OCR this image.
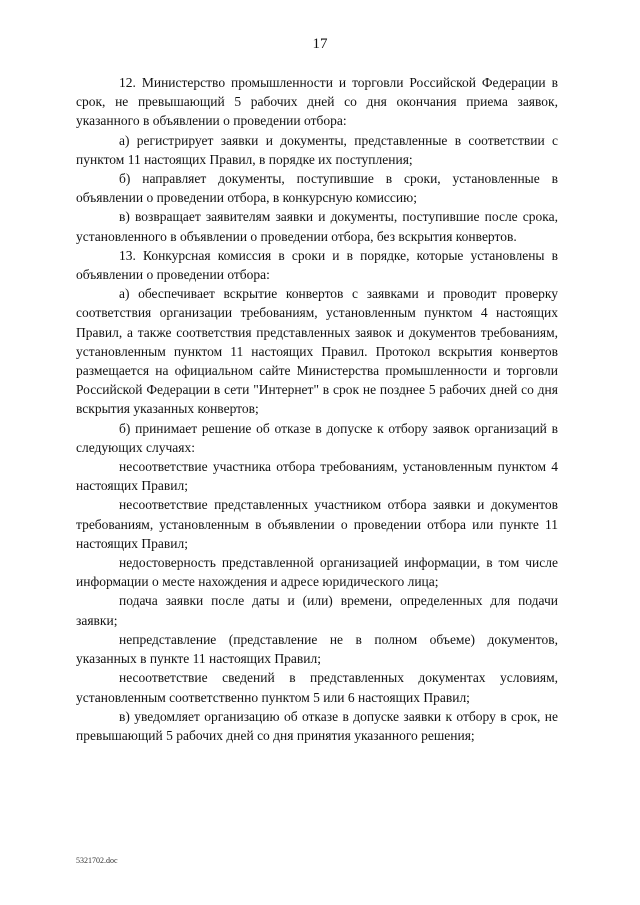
17

12. Министерство промышленности и торговли Российской Федерации в срок, не превышающий 5 рабочих дней со дня окончания приема заявок, указанного в объявлении о проведении отбора:

а) регистрирует заявки и документы, представленные в соответствии с пунктом 11 настоящих Правил, в порядке их поступления;

б) направляет документы, поступившие в сроки, установленные в объявлении о проведении отбора, в конкурсную комиссию;

в) возвращает заявителям заявки и документы, поступившие после срока, установленного в объявлении о проведении отбора, без вскрытия конвертов.

13. Конкурсная комиссия в сроки и в порядке, которые установлены в объявлении о проведении отбора:

а) обеспечивает вскрытие конвертов с заявками и проводит проверку соответствия организации требованиям, установленным пунктом 4 настоящих Правил, а также соответствия представленных заявок и документов требованиям, установленным пунктом 11 настоящих Правил. Протокол вскрытия конвертов размещается на официальном сайте Министерства промышленности и торговли Российской Федерации в сети "Интернет" в срок не позднее 5 рабочих дней со дня вскрытия указанных конвертов;

б) принимает решение об отказе в допуске к отбору заявок организаций в следующих случаях:

несоответствие участника отбора требованиям, установленным пунктом 4 настоящих Правил;

несоответствие представленных участником отбора заявки и документов требованиям, установленным в объявлении о проведении отбора или пункте 11 настоящих Правил;

недостоверность представленной организацией информации, в том числе информации о месте нахождения и адресе юридического лица;

подача заявки после даты и (или) времени, определенных для подачи заявки;

непредставление (представление не в полном объеме) документов, указанных в пункте 11 настоящих Правил;

несоответствие сведений в представленных документах условиям, установленным соответственно пунктом 5 или 6 настоящих Правил;

в) уведомляет организацию об отказе в допуске заявки к отбору в срок, не превышающий 5 рабочих дней со дня принятия указанного решения;

5321702.doc
